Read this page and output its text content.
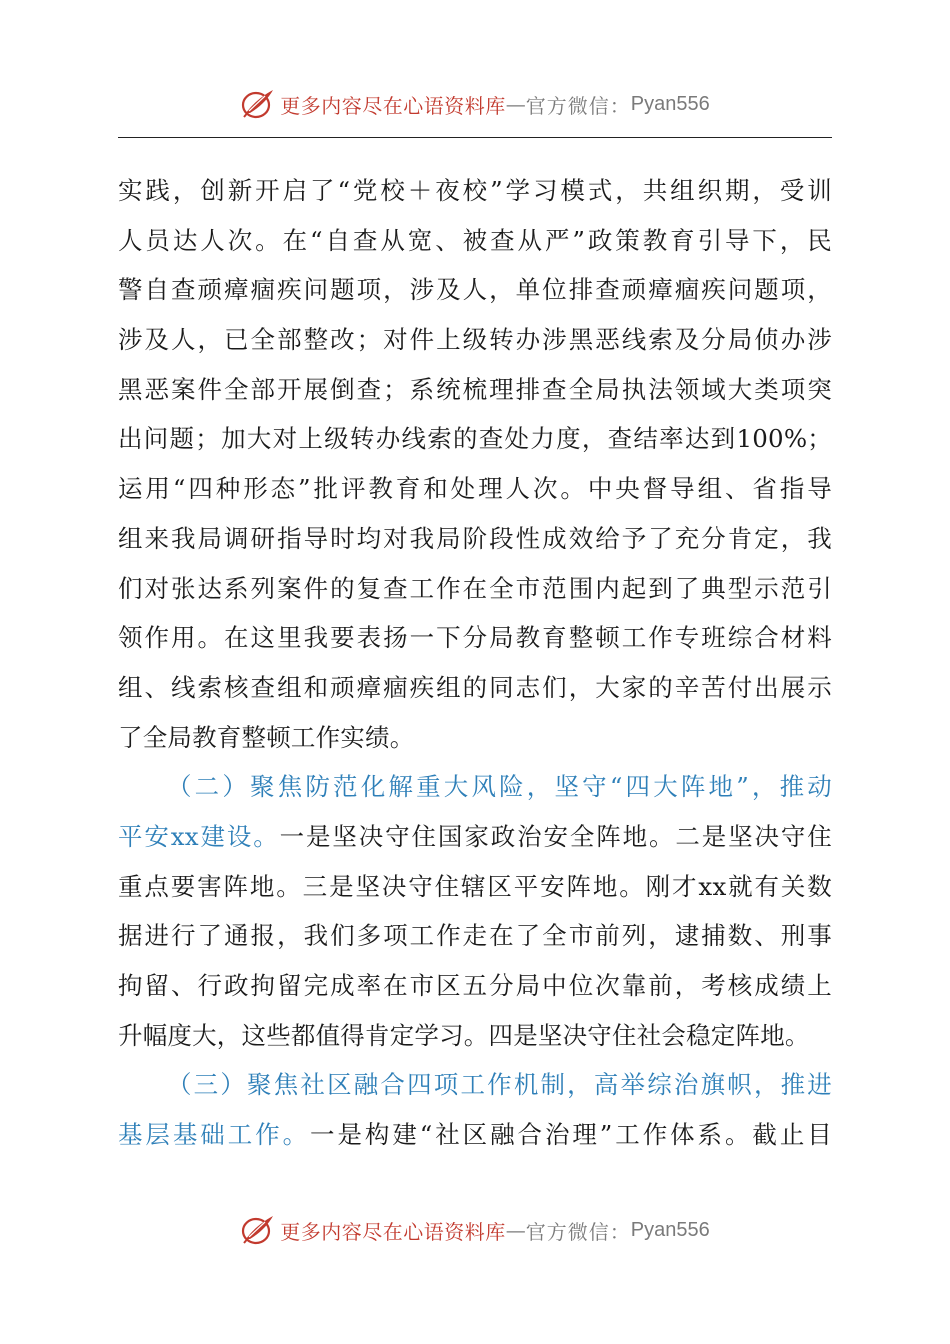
更多内容尽在心语资料库 — 官方微信： Pyan556
实践，创新开启了“党校＋夜校”学习模式，共组织期，受训
人员达人次。在“自查从宽、被查从严”政策教育引导下，民
警自查顽瘴痼疾问题项，涉及人，单位排查顽瘴痼疾问题项，
涉及人，已全部整改；对件上级转办涉黑恶线索及分局侦办涉
黑恶案件全部开展倒查；系统梳理排查全局执法领域大类项突
出问题；加大对上级转办线索的查处力度，查结率达到100%；
运用“四种形态”批评教育和处理人次。中央督导组、省指导
组来我局调研指导时均对我局阶段性成效给予了充分肯定，我
们对张达系列案件的复查工作在全市范围内起到了典型示范引
领作用。在这里我要表扬一下分局教育整顿工作专班综合材料
组、线索核查组和顽瘴痼疾组的同志们，大家的辛苦付出展示
了全局教育整顿工作实绩。
（二）聚焦防范化解重大风险，坚守“四大阵地”，推动
平安xx建设。一是坚决守住国家政治安全阵地。二是坚决守住
重点要害阵地。三是坚决守住辖区平安阵地。刚才xx就有关数
据进行了通报，我们多项工作走在了全市前列，逮捕数、刑事
拘留、行政拘留完成率在市区五分局中位次靠前，考核成绩上
升幅度大，这些都值得肯定学习。四是坚决守住社会稳定阵地。
（三）聚焦社区融合四项工作机制，高举综治旗帜，推进
基层基础工作。一是构建“社区融合治理”工作体系。截止目
更多内容尽在心语资料库 — 官方微信： Pyan556
